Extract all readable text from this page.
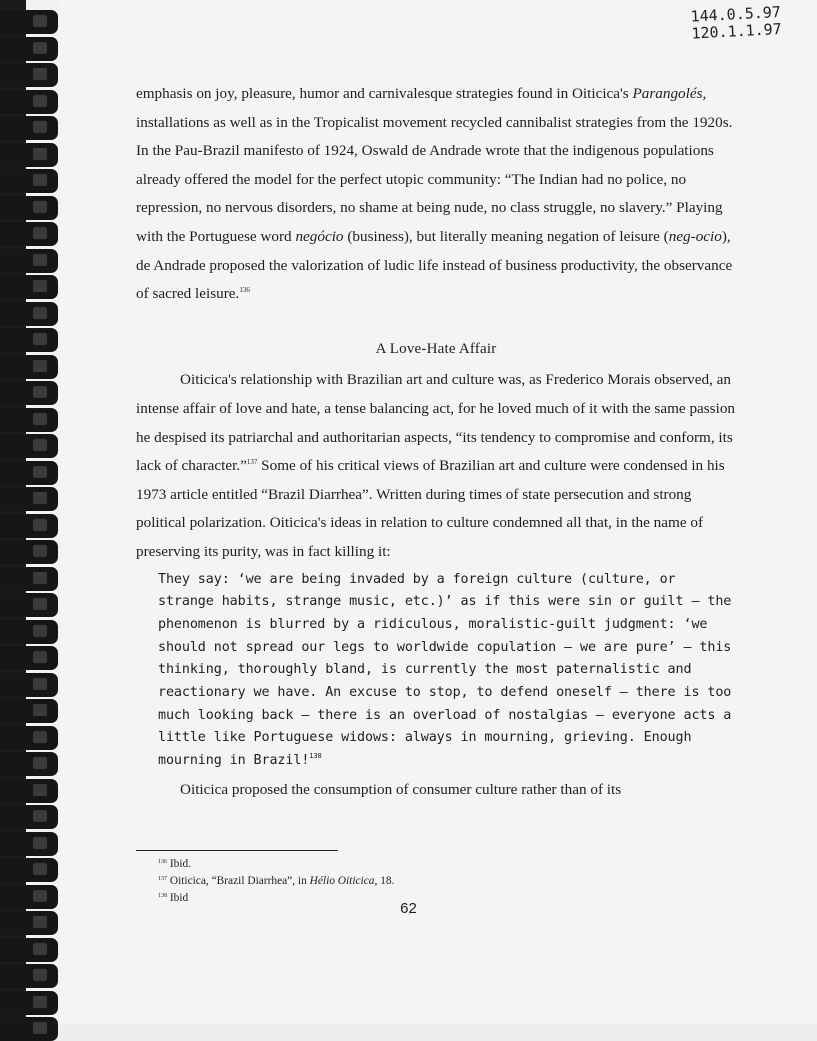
144.0.5.97
120.1.1.97

emphasis on joy, pleasure, humor and carnivalesque strategies found in Oiticica's Parangolés, installations as well as in the Tropicalist movement recycled cannibalist strategies from the 1920s. In the Pau-Brazil manifesto of 1924, Oswald de Andrade wrote that the indigenous populations already offered the model for the perfect utopic community: “The Indian had no police, no repression, no nervous disorders, no shame at being nude, no class struggle, no slavery.” Playing with the Portuguese word negócio (business), but literally meaning negation of leisure (neg-ocio), de Andrade proposed the valorization of ludic life instead of business productivity, the observance of sacred leisure.$^{136}$

A Love-Hate Affair

Oiticica's relationship with Brazilian art and culture was, as Frederico Morais observed, an intense affair of love and hate, a tense balancing act, for he loved much of it with the same passion he despised its patriarchal and authoritarian aspects, “its tendency to compromise and conform, its lack of character.”$^{137}$ Some of his critical views of Brazilian art and culture were condensed in his 1973 article entitled “Brazil Diarrhea”. Written during times of state persecution and strong political polarization. Oiticica's ideas in relation to culture condemned all that, in the name of preserving its purity, was in fact killing it:

They say: ‘we are being invaded by a foreign culture (culture, or strange habits, strange music, etc.)’ as if this were sin or guilt — the phenomenon is blurred by a ridiculous, moralistic-guilt judgment: ‘we should not spread our legs to worldwide copulation — we are pure’ — this thinking, thoroughly bland, is currently the most paternalistic and reactionary we have. An excuse to stop, to defend oneself — there is too much looking back — there is an overload of nostalgias — everyone acts a little like Portuguese widows: always in mourning, grieving. Enough mourning in Brazil!$^{138}$

Oiticica proposed the consumption of consumer culture rather than of its

$^{136}$ Ibid.
$^{137}$ Oiticica, “Brazil Diarrhea”, in Hélio Oiticica, 18.
$^{138}$ Ibid
62
